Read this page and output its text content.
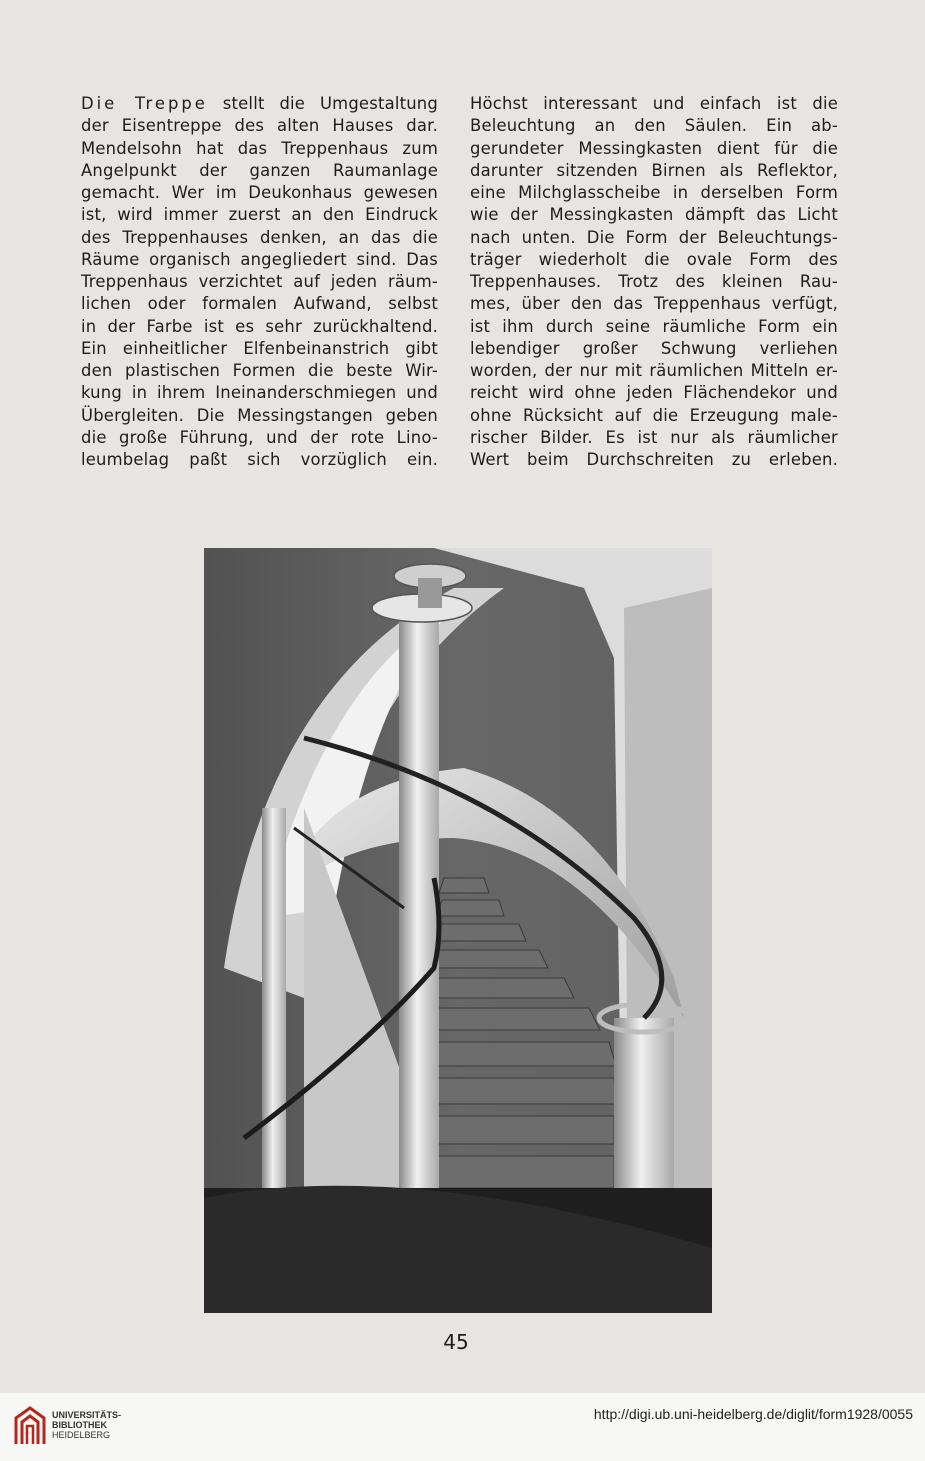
Die Treppe stellt die Umgestaltung

der Eisentreppe des alten Hauses dar.

Mendelsohn hat das Treppenhaus zum

Angelpunkt der ganzen Raumanlage

gemacht. Wer im Deukonhaus gewesen

ist, wird immer zuerst an den Eindruck

des Treppenhauses denken, an das die

Räume organisch angegliedert sind. Das

Treppenhaus verzichtet auf jeden räum-

lichen oder formalen Aufwand, selbst

in der Farbe ist es sehr zurückhaltend.

Ein einheitlicher Elfenbeinanstrich gibt

den plastischen Formen die beste Wir-

kung in ihrem Ineinanderschmiegen und

Übergleiten. Die Messingstangen geben

die große Führung, und der rote Lino-

leumbelag paßt sich vorzüglich ein.

Höchst interessant und einfach ist die

Beleuchtung an den Säulen. Ein ab-

gerundeter Messingkasten dient für die

darunter sitzenden Birnen als Reflektor,

eine Milchglasscheibe in derselben Form

wie der Messingkasten dämpft das Licht

nach unten. Die Form der Beleuchtungs-

träger wiederholt die ovale Form des

Treppenhauses. Trotz des kleinen Rau-

mes, über den das Treppenhaus verfügt,

ist ihm durch seine räumliche Form ein

lebendiger großer Schwung verliehen

worden, der nur mit räumlichen Mitteln er-

reicht wird ohne jeden Flächendekor und

ohne Rücksicht auf die Erzeugung male-

rischer Bilder. Es ist nur als räumlicher

Wert beim Durchschreiten zu erleben.

45
UNIVERSITÄTS-
BIBLIOTHEK
HEIDELBERG
http://digi.ub.uni-heidelberg.de/diglit/form1928/0055
